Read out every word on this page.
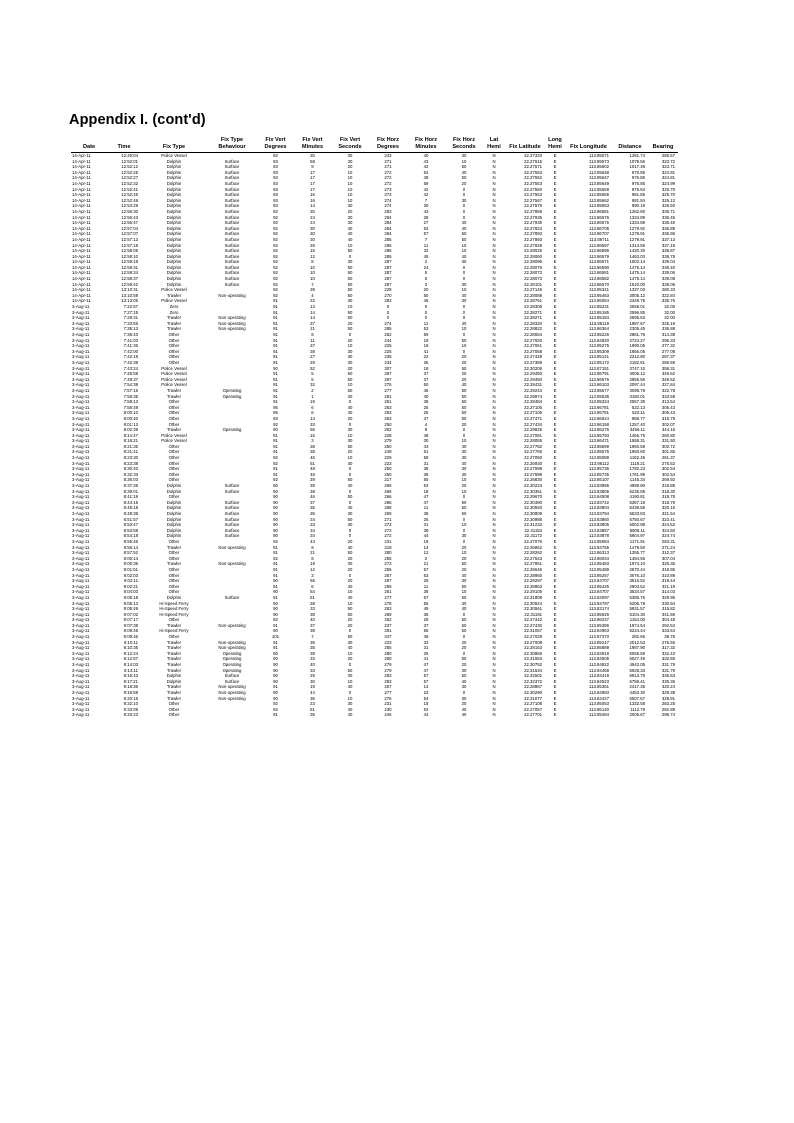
Appendix I. (cont'd)
Date	Time	Fix Type	Fix Type Behaviour	Fix Vert Degrees	Fix Vert Minutes	Fix Vert Seconds	Fix Horz Degrees	Fix Horz Minutes	Fix Horz Seconds	Lat Hemi	Fix Latitude	Long Hemi	Fix Longitude	Distance	Bearing
14-Apr-11	12:49:04	Police Vessel		92	30	30	243	40	30	N	22.27333	E	113.85071	1281.74	285.57
14-Apr-11	12:52:01	Dolphin	Surface	93	58	30	271	43	10	N	22.27616	E	113.85573	1079.56	323.72
14-Apr-11	12:52:12	Dolphin	Surface	93	9	20	271	42	50	N	22.27571	E	113.85602	1017.48	323.71
14-Apr-11	12:52:25	Dolphin	Surface	93	17	10	272	54	40	N	22.27553	E	113.85648	976.85	324.91
14-Apr-11	12:52:27	Dolphin	Surface	93	17	10	272	48	50	N	22.27552	E	113.85647	976.85	324.81
14-Apr-11	12:52:32	Dolphin	Surface	93	17	10	272	59	20	N	22.27553	E	113.85649	976.85	324.99
14-Apr-11	12:52:41	Dolphin	Surface	93	17	10	273	42	0	N	22.27560	E	113.85659	975.84	325.70
14-Apr-11	12:52:45	Dolphin	Surface	93	16	10	273	42	0	N	22.27563	E	113.85655	981.85	325.70
14-Apr-11	12:52:49	Dolphin	Surface	93	16	10	274	7	30	N	22.27567	E	113.85662	981.84	326.12
14-Apr-11	12:54:29	Dolphin	Surface	93	14	30	274	30	0	N	22.27576	E	113.85653	990.19	326.50
14-Apr-11	12:56:30	Dolphin	Surface	92	30	20	283	43	0	N	22.27885	E	113.86581	1282.80	335.71
14-Apr-11	12:56:43	Dolphin	Surface	92	24	30	284	28	0	N	22.27935	E	113.86676	1334.89	336.45
14-Apr-11	12:56:47	Dolphin	Surface	92	24	30	284	27	40	N	22.27935	E	113.86676	1334.89	336.45
14-Apr-11	12:57:04	Dolphin	Surface	92	30	40	284	53	40	N	22.27823	E	113.86705	1279.92	336.89
14-Apr-11	12:57:07	Dolphin	Surface	92	30	40	284	57	50	N	22.27893	E	113.86707	1279.91	336.96
14-Apr-11	12:57:12	Dolphin	Surface	92	30	40	285	7	50	N	22.27893	E	113.86711	1279.91	337.13
14-Apr-11	12:57:18	Dolphin	Surface	92	26	10	285	11	10	N	22.27928	E	113.86597	1313.55	337.18
14-Apr-11	12:58:05	Dolphin	Surface	92	15	50	285	32	10	N	22.28025	E	113.86596	1420.30	338.87
14-Apr-11	12:59:10	Dolphin	Surface	92	12	0	285	45	40	N	22.28060	E	113.86579	1463.03	338.75
14-Apr-11	12:59:18	Dolphin	Surface	92	8	30	287	2	30	N	22.28096	E	113.86571	1502.14	339.04
14-Apr-11	12:59:31	Dolphin	Surface	92	10	50	287	24	0	N	22.28076	E	113.86590	1475.14	339.40
14-Apr-11	12:59:34	Dolphin	Surface	92	10	50	287	5	0	N	22.28073	E	113.86581	1475.14	339.06
14-Apr-11	12:59:37	Dolphin	Surface	92	10	50	287	5	0	N	22.28073	E	113.86582	1475.14	339.08
14-Apr-11	12:59:42	Dolphin	Surface	92	7	50	287	3	30	N	22.28101	E	113.86570	1510.00	339.06
14-Apr-11	13:10:31	Police Vessel		92	39	50	228	20	10	N	22.27146	E	113.85341	1337.03	280.33
14-Apr-11	13:10:59	Trawler	Non-operating	92	4	50	270	50	40	N	22.28089	E	113.85463	3005.12	322.84
14-Apr-11	13:13:05	Police Vessel		91	22	30	283	45	30	N	22.28761	E	113.86054	2348.75	335.76
3-Aug-11	7:22:57	Zero		91	13	10	0	0	0	N	22.28305	E	113.85231	2658.01	32.00
3-Aug-11	7:27:15	Zero		91	14	50	0	0	0	N	22.28271	E	113.85185	2596.85	32.00
3-Aug-11	7:28:31	Trawler	Non-operating	91	14	50	0	0	0	N	22.28271	E	113.85184	2595.63	32.00
3-Aug-11	7:33:55	Trawler	Non-operating	91	37	20	274	11	40	N	22.28320	E	113.86119	1987.67	325.19
3-Aug-11	7:35:13	Trawler	Non-operating	91	21	50	285	53	10	N	22.28822	E	113.86364	2305.45	336.88
3-Aug-11	7:36:43	Other		91	8	0	252	59	0	N	22.28654	E	113.85226	2881.76	314.38
3-Aug-11	7:41:03	Other		91	11	20	244	19	50	N	22.27920	E	113.84820	2724.27	296.33
3-Aug-11	7:41:36	Other		91	37	10	225	19	10	N	22.27061	E	113.85275	1990.05	277.32
3-Aug-11	7:42:00	Other		91	38	30	225	41	0	N	22.27058	E	113.85309	1956.05	277.08
3-Aug-11	7:42:18	Other		91	27	30	235	22	20	N	22.27428	E	113.85141	2212.80	287.37
3-Aug-11	7:42:38	Other		91	29	30	234	35	20	N	22.27389	E	113.85172	2182.81	286.59
3-Aug-11	7:43:24	Police Vessel		90	52	20	307	18	50	N	22.30205	E	113.87151	3747.10	359.31
3-Aug-11	7:45:58	Police Vessel		91	5	50	297	37	20	N	22.29450	E	113.86791	3006.12	349.62
3-Aug-11	7:49:37	Police Vessel		91	5	50	297	37	20	N	22.29450	E	113.86676	2955.56	349.52
3-Aug-11	7:54:38	Police Vessel		91	32	10	275	50	40	N	22.28431	E	113.86103	2097.44	327.84
3-Aug-11	7:57:16	Trawler	Operating	91	2	50	277	46	50	N	22.29243	E	113.85677	3098.78	322.78
3-Aug-11	7:58:35	Trawler	Operating	91	1	30	281	40	50	N	22.29974	E	113.85535	3150.01	333.58
3-Aug-11	7:59:13	Other		91	19	0	251	38	50	N	22.28484	E	113.85324	2557.35	313.54
3-Aug-11	7:59:49	Other		95	6	40	253	25	50	N	22.27105	E	113.86781	522.13	305.43
3-Aug-11	8:00:10	Other		95	6	40	253	25	50	N	22.27105	E	113.86781	522.11	305.43
3-Aug-11	8:00:40	Other		93	14	20	263	47	50	N	22.27471	E	113.86524	988.77	315.79
3-Aug-11	8:01:13	Other		92	33	0	250	4	20	N	22.27434	E	113.86158	1257.40	302.07
3-Aug-11	8:02:39	Trawler	Operating	90	55	30	292	9	0	N	22.29825	E	113.86276	3456.11	344.15
3-Aug-11	8:14:47	Police Vessel		91	15	10	228	48	0	N	22.27081	E	113.85793	1465.75	280.80
3-Aug-11	8:16:21	Police Vessel		91	3	30	279	30	10	N	22.28055	E	113.86471	1558.31	331.50
3-Aug-11	8:21:35	Other		91	38	50	250	43	40	N	22.27782	E	113.85599	1950.59	302.72
3-Aug-11	8:21:41	Other		91	38	20	249	51	30	N	22.27765	E	113.85575	1950.60	301.86
3-Aug-11	8:23:30	Other		92	45	10	229	58	30	N	22.27050	E	113.85089	1162.45	281.37
3-Aug-11	8:23:38	Other		92	51	40	223	31	40	N	22.26930	E	113.86112	1118.21	275.52
3-Aug-11	8:30:40	Other		91	48	0	250	38	30	N	22.27598	E	113.85735	1782.23	302.54
3-Aug-11	8:32:33	Other		91	48	0	250	38	30	N	22.27598	E	113.85735	1781.99	302.54
3-Aug-11	8:36:03	Other		92	29	50	217	55	10	N	22.26830	E	113.85107	1145.34	269.92
3-Aug-11	8:37:35	Dolphin	Surface	90	39	40	266	53	20	N	22.30223	E	113.83995	4999.90	318.88
3-Aug-11	8:39:01	Dolphin	Surface	90	38	0	266	18	10	N	22.30351	E	113.83805	5235.85	318.30
3-Aug-11	8:41:19	Other		90	46	50	266	47	0	N	22.29670	E	113.84508	4190.81	318.78
3-Aug-11	8:44:15	Dolphin	Surface	90	37	0	266	47	50	N	22.30480	E	113.83742	5367.18	318.79
3-Aug-11	8:45:18	Dolphin	Surface	90	35	40	268	11	50	N	22.30593	E	113.83804	5439.58	320.16
3-Aug-11	8:48:38	Dolphin	Surface	90	35	30	269	38	50	N	22.30809	E	113.83794	5533.83	321.54
3-Aug-11	8:51:57	Dolphin	Surface	90	34	50	271	25	0	N	22.30988	E	113.83860	5750.67	323.41
3-Aug-11	8:53:47	Dolphin	Surface	90	33	30	272	31	10	N	22.31232	E	113.83805	6002.98	324.52
3-Aug-11	8:53:58	Dolphin	Surface	90	34	0	272	38	0	N	22.31153	E	113.83857	5905.11	324.60
3-Aug-11	8:54:18	Dolphin	Surface	90	34	0	272	44	30	N	22.31172	E	113.83878	5904.97	324.74
3-Aug-11	8:55:46	Other		92	43	20	231	19	0	N	22.27076	E	113.85084	1171.91	283.31
3-Aug-11	8:56:14	Trawler	Non-operating	91	9	40	219	14	20	N	22.26852	E	113.84755	1479.50	271.24
3-Aug-11	8:57:52	Other		91	21	50	280	12	10	N	22.28262	E	113.86313	1355.77	312.37
3-Aug-11	9:00:14	Other		92	8	20	255	2	20	N	22.27643	E	113.86034	1494.55	307.04
3-Aug-11	9:00:36	Trawler	Non-operating	91	19	30	273	21	50	N	22.27851	E	113.85483	1974.10	325.36
3-Aug-11	9:01:51	Other		91	12	20	266	57	20	N	22.28646	E	113.85489	2570.44	318.95
3-Aug-11	9:02:03	Other		91	3	0	257	53	40	N	22.28950	E	113.85257	3076.10	310.89
3-Aug-11	9:02:11	Other		90	55	20	267	26	30	N	22.29297	E	113.84707	3516.52	319.44
3-Aug-11	9:02:21	Other		91	6	40	269	11	50	N	22.28863	E	113.85425	2903.62	321.19
3-Aug-11	9:04:03	Other		90	54	10	261	38	10	N	22.29105	E	113.84707	3534.57	314.03
3-Aug-11	9:05:18	Dolphin	Surface	91	51	40	277	57	50	N	22.31808	E	113.84097	5385.75	329.96
3-Aug-11	9:05:13	Hi-Speed Ferry		90	38	10	278	56	30	N	22.30924	E	113.84797	5206.78	330.94
3-Aug-11	9:05:49	Hi-Speed Ferry		90	33	50	263	49	40	N	22.30561	E	113.83174	5931.57	315.82
3-Aug-11	9:07:02	Hi-Speed Ferry		90	38	50	289	35	0	N	22.31191	E	113.85626	5104.30	341.58
3-Aug-11	9:07:17	Other		92	40	20	252	28	50	N	22.27442	E	113.86237	1154.00	304.48
3-Aug-11	9:07:38	Trawler	Non-operating	91	37	20	237	37	50	N	22.27430	E	113.85386	1974.54	292.53
3-Aug-11	9:08:45	Hi-Speed Ferry		90	38	0	281	56	50	N	22.31057	E	113.84963	5224.44	333.54
3-Aug-11	9:09:46	Other		101	7	50	347	46	0	N	22.27029	E	113.87370	282.66	39.76
3-Aug-11	9:10:11	Trawler	Non-operating	91	35	30	223	33	20	N	22.27008	E	113.85247	2012.53	276.55
3-Aug-11	9:10:35	Trawler	Non-operating	91	35	40	255	31	20	N	22.28153	E	113.85889	1987.90	317.32
3-Aug-11	9:12:24	Trawler	Operating	90	39	10	280	25	0	N	22.30865	E	113.84918	5055.59	332.43
3-Aug-11	9:12:57	Trawler	Operating	90	33	20	280	41	50	N	22.31653	E	113.84505	6027.49	332.59
3-Aug-11	9:14:03	Trawler	Operating	90	40	0	279	47	20	N	22.30752	E	113.84922	4942.05	331.79
3-Aug-11	9:14:11	Trawler	Operating	90	33	50	279	47	30	N	22.31534	E	113.84468	5928.33	331.79
3-Aug-11	9:16:43	Dolphin	Surface	90	29	30	283	57	50	N	22.32501	E	113.84419	6913.79	335.53
3-Aug-11	9:17:21	Dolphin	Surface	90	30	10	283	57	40	N	22.32372	E	113.84523	6759.41	335.36
3-Aug-11	9:18:36	Trawler	Non-operating	91	19	40	267	14	30	N	22.28867	E	113.85361	2417.35	320.24
3-Aug-11	9:19:58	Trawler	Non-operating	90	44	0	277	23	0	N	22.30290	E	113.84983	4453.30	329.38
3-Aug-11	9:20:16	Trawler	Non-operating	90	36	10	276	54	30	N	22.31077	E	113.84427	5507.67	328.91
3-Aug-11	9:32:10	Other		92	23	30	231	15	20	N	22.27108	E	113.85053	1332.58	283.25
3-Aug-11	9:33:09	Other		92	51	40	230	53	40	N	22.27057	E	113.86140	1112.79	282.89
3-Aug-11	9:33:23	Other		91	35	40	246	44	40	N	22.27701	E	113.85484	2005.67	298.74
